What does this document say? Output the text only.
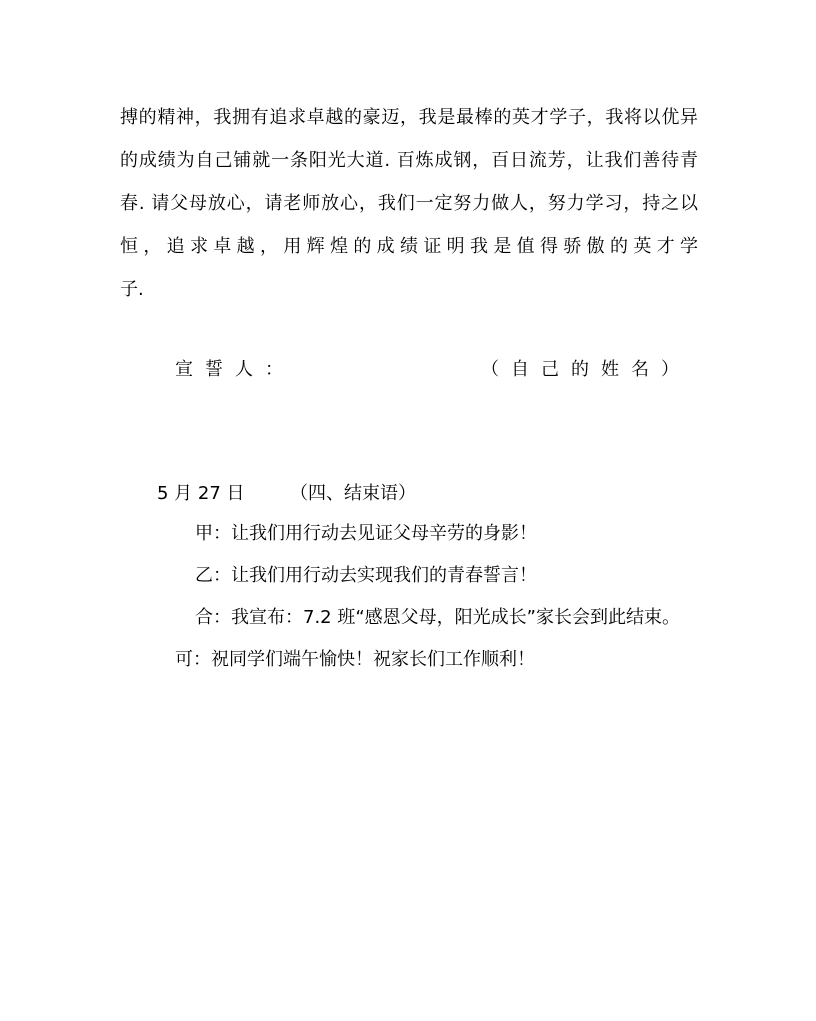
搏的精神，我拥有追求卓越的豪迈，我是最棒的英才学子，我将以优异
的成绩为自己铺就一条阳光大道. 百炼成钢，百日流芳，让我们善待青
春. 请父母放心，请老师放心，我们一定努力做人，努力学习，持之以
恒，追求卓越，用辉煌的成绩证明我是值得骄傲的英才学
子.
宣誓人：	（自己的姓名）
5 月 27 日	（四、结束语）
甲：让我们用行动去见证父母辛劳的身影！
乙：让我们用行动去实现我们的青春誓言！
合：我宣布：7.2 班“感恩父母，阳光成长”家长会到此结束。
可：祝同学们端午愉快！祝家长们工作顺利！
